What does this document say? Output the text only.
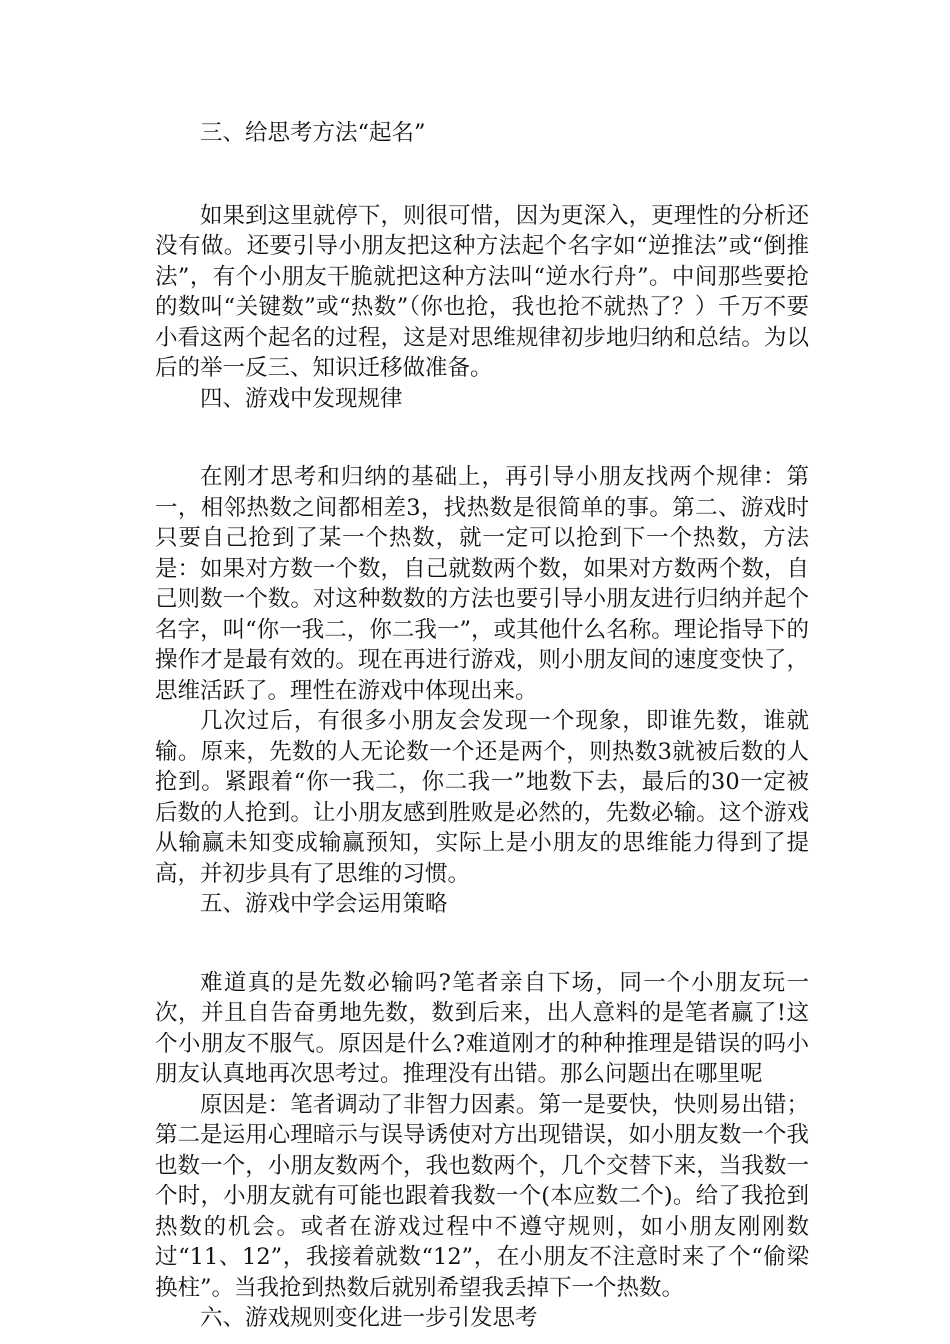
三、给思考方法“起名”

如果到这里就停下，则很可惜，因为更深入，更理性的分析还没有做。还要引导小朋友把这种方法起个名字如“逆推法”或“倒推法”，有个小朋友干脆就把这种方法叫“逆水行舟”。中间那些要抢的数叫“关键数”或“热数”（你也抢，我也抢不就热了？）千万不要小看这两个起名的过程，这是对思维规律初步地归纳和总结。为以后的举一反三、知识迁移做准备。

四、游戏中发现规律

在刚才思考和归纳的基础上，再引导小朋友找两个规律：第一，相邻热数之间都相差3，找热数是很简单的事。第二、游戏时只要自己抢到了某一个热数，就一定可以抢到下一个热数，方法是：如果对方数一个数，自己就数两个数，如果对方数两个数，自己则数一个数。对这种数数的方法也要引导小朋友进行归纳并起个名字，叫“你一我二，你二我一”，或其他什么名称。理论指导下的操作才是最有效的。现在再进行游戏，则小朋友间的速度变快了，思维活跃了。理性在游戏中体现出来。

几次过后，有很多小朋友会发现一个现象，即谁先数，谁就输。原来，先数的人无论数一个还是两个，则热数3就被后数的人抢到。紧跟着“你一我二，你二我一”地数下去，最后的30一定被后数的人抢到。让小朋友感到胜败是必然的，先数必输。这个游戏从输赢未知变成输赢预知，实际上是小朋友的思维能力得到了提高，并初步具有了思维的习惯。

五、游戏中学会运用策略

难道真的是先数必输吗?笔者亲自下场，同一个小朋友玩一次，并且自告奋勇地先数，数到后来，出人意料的是笔者赢了!这个小朋友不服气。原因是什么?难道刚才的种种推理是错误的吗小朋友认真地再次思考过。推理没有出错。那么问题出在哪里呢

原因是：笔者调动了非智力因素。第一是要快，快则易出错；第二是运用心理暗示与误导诱使对方出现错误，如小朋友数一个我也数一个，小朋友数两个，我也数两个，几个交替下来，当我数一个时，小朋友就有可能也跟着我数一个(本应数二个)。给了我抢到热数的机会。或者在游戏过程中不遵守规则，如小朋友刚刚数过“11、12”，我接着就数“12”，在小朋友不注意时来了个“偷梁换柱”。当我抢到热数后就别希望我丢掉下一个热数。

六、游戏规则变化进一步引发思考
